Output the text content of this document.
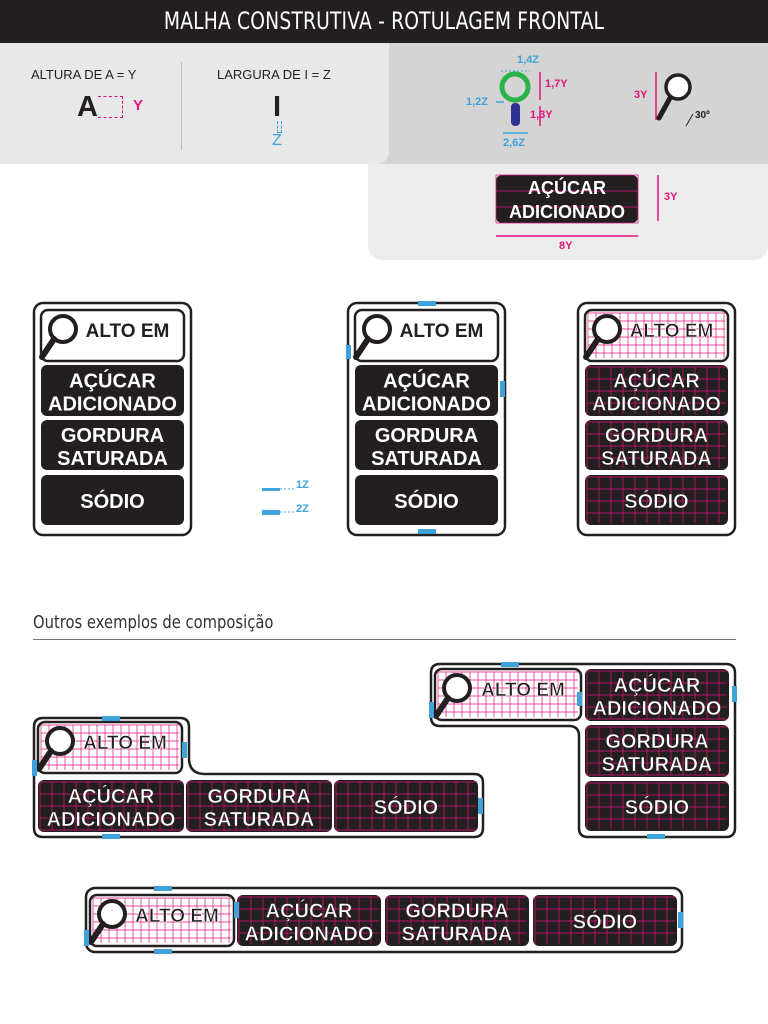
MALHA CONSTRUTIVA - ROTULAGEM FRONTAL
ALTURA DE A = Y
A Y
LARGURA DE I = Z
I
Z
1,4Z
1,7Y
1,2Z
1,3Y
2,6Z
3Y
30º
AÇÚCAR
ADICIONADO
3Y
8Y
1Z
2Z
Outros exemplos de composição
ALTO EM
AÇÚCAR
ADICIONADO
GORDURA
SATURADA
SÓDIO
ALTO EM
AÇÚCAR
ADICIONADO
GORDURA
SATURADA
SÓDIO
ALTO EM
AÇÚCAR
ADICIONADO
GORDURA
SATURADA
SÓDIO
ALTO EM
AÇÚCAR
ADICIONADO
GORDURA
SATURADA
SÓDIO
ALTO EM AÇÚCAR
ADICIONADO
GORDURA
SATURADA
SÓDIO
ALTO EM AÇÚCAR
ADICIONADO
GORDURA
SATURADA
SÓDIO
